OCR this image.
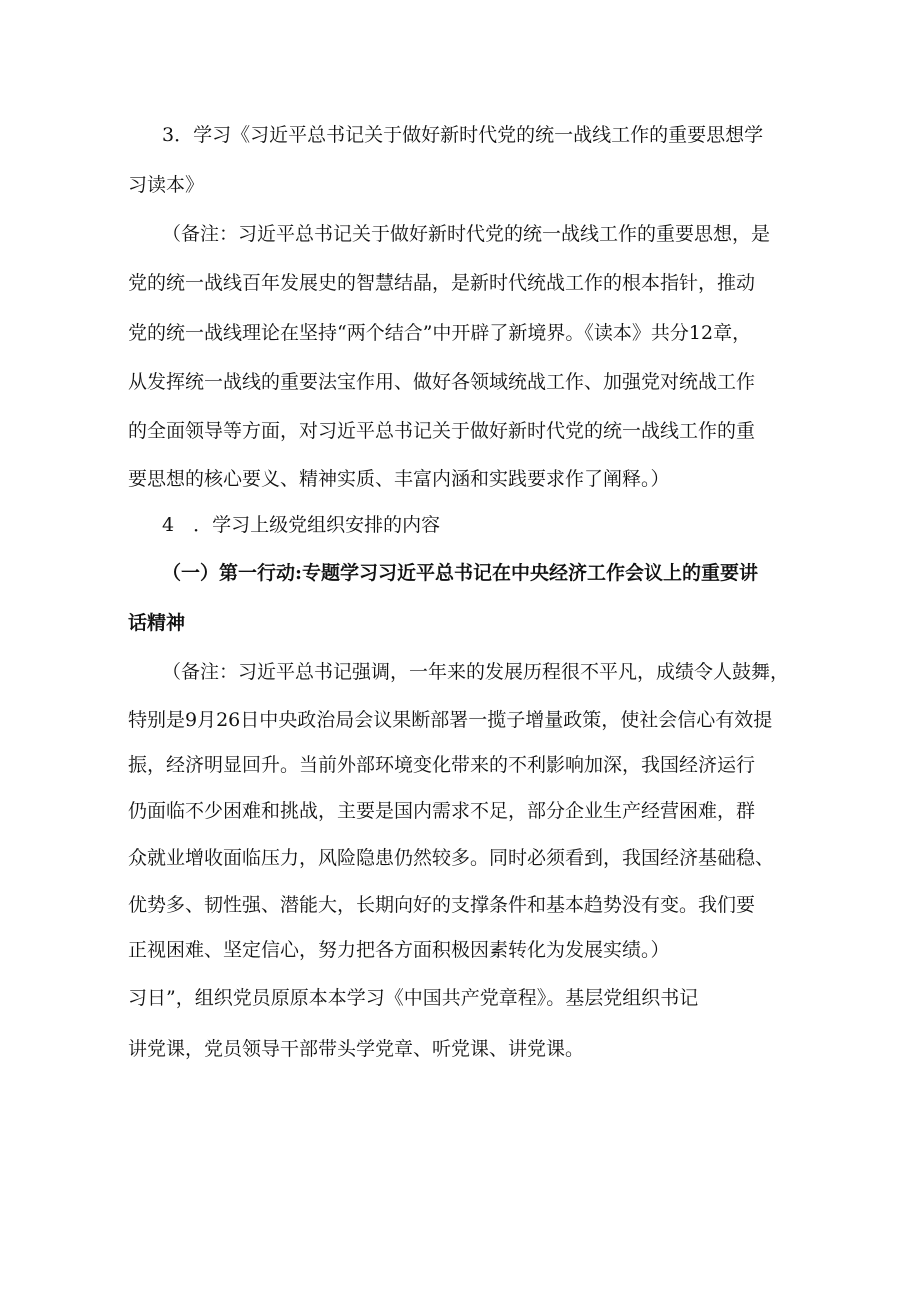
3．学习《习近平总书记关于做好新时代党的统一战线工作的重要思想学
习读本》
（备注：习近平总书记关于做好新时代党的统一战线工作的重要思想，是
党的统一战线百年发展史的智慧结晶，是新时代统战工作的根本指针，推动
党的统一战线理论在坚持“两个结合”中开辟了新境界。《读本》共分12章，
从发挥统一战线的重要法宝作用、做好各领域统战工作、加强党对统战工作
的全面领导等方面，对习近平总书记关于做好新时代党的统一战线工作的重
要思想的核心要义、精神实质、丰富内涵和实践要求作了阐释。）
4　．学习上级党组织安排的内容
（一）第一行动:专题学习习近平总书记在中央经济工作会议上的重要讲
话精神
（备注：习近平总书记强调，一年来的发展历程很不平凡，成绩令人鼓舞，
特别是9月26日中央政治局会议果断部署一揽子增量政策，使社会信心有效提
振，经济明显回升。当前外部环境变化带来的不利影响加深，我国经济运行
仍面临不少困难和挑战，主要是国内需求不足，部分企业生产经营困难，群
众就业增收面临压力，风险隐患仍然较多。同时必须看到，我国经济基础稳、
优势多、韧性强、潜能大，长期向好的支撑条件和基本趋势没有变。我们要
正视困难、坚定信心，努力把各方面积极因素转化为发展实绩。）
习日”，组织党员原原本本学习《中国共产党章程》。基层党组织书记
讲党课，党员领导干部带头学党章、听党课、讲党课。
